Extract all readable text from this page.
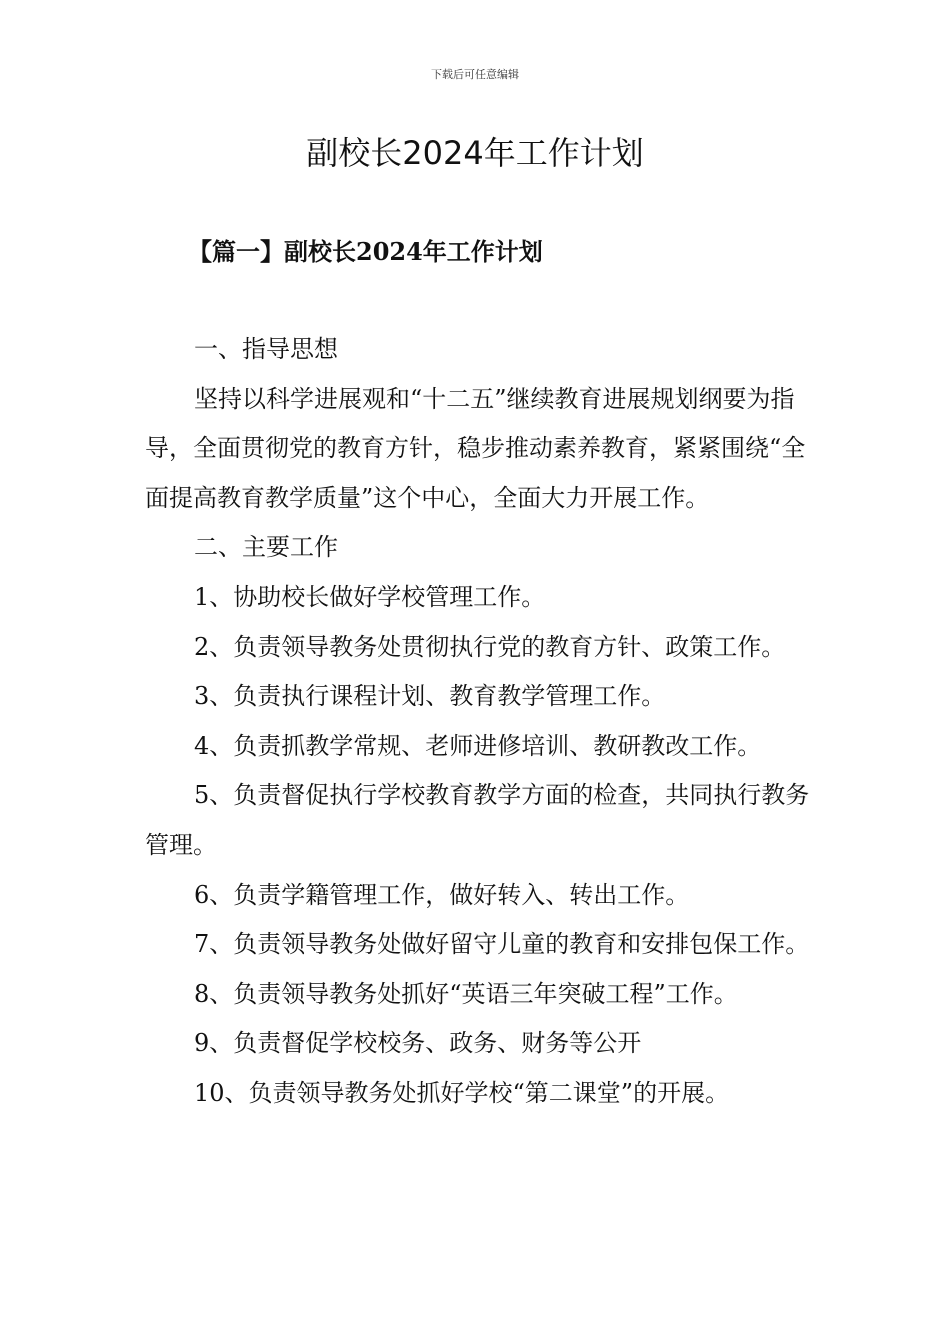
下载后可任意编辑
副校长2024年工作计划
【篇一】副校长2024年工作计划

一、指导思想

坚持以科学进展观和“十二五”继续教育进展规划纲要为指导，全面贯彻党的教育方针，稳步推动素养教育，紧紧围绕“全面提高教育教学质量”这个中心，全面大力开展工作。

二、主要工作

1、协助校长做好学校管理工作。

2、负责领导教务处贯彻执行党的教育方针、政策工作。

3、负责执行课程计划、教育教学管理工作。

4、负责抓教学常规、老师进修培训、教研教改工作。

5、负责督促执行学校教育教学方面的检查，共同执行教务管理。

6、负责学籍管理工作，做好转入、转出工作。

7、负责领导教务处做好留守儿童的教育和安排包保工作。

8、负责领导教务处抓好“英语三年突破工程”工作。

9、负责督促学校校务、政务、财务等公开

10、负责领导教务处抓好学校“第二课堂”的开展。
